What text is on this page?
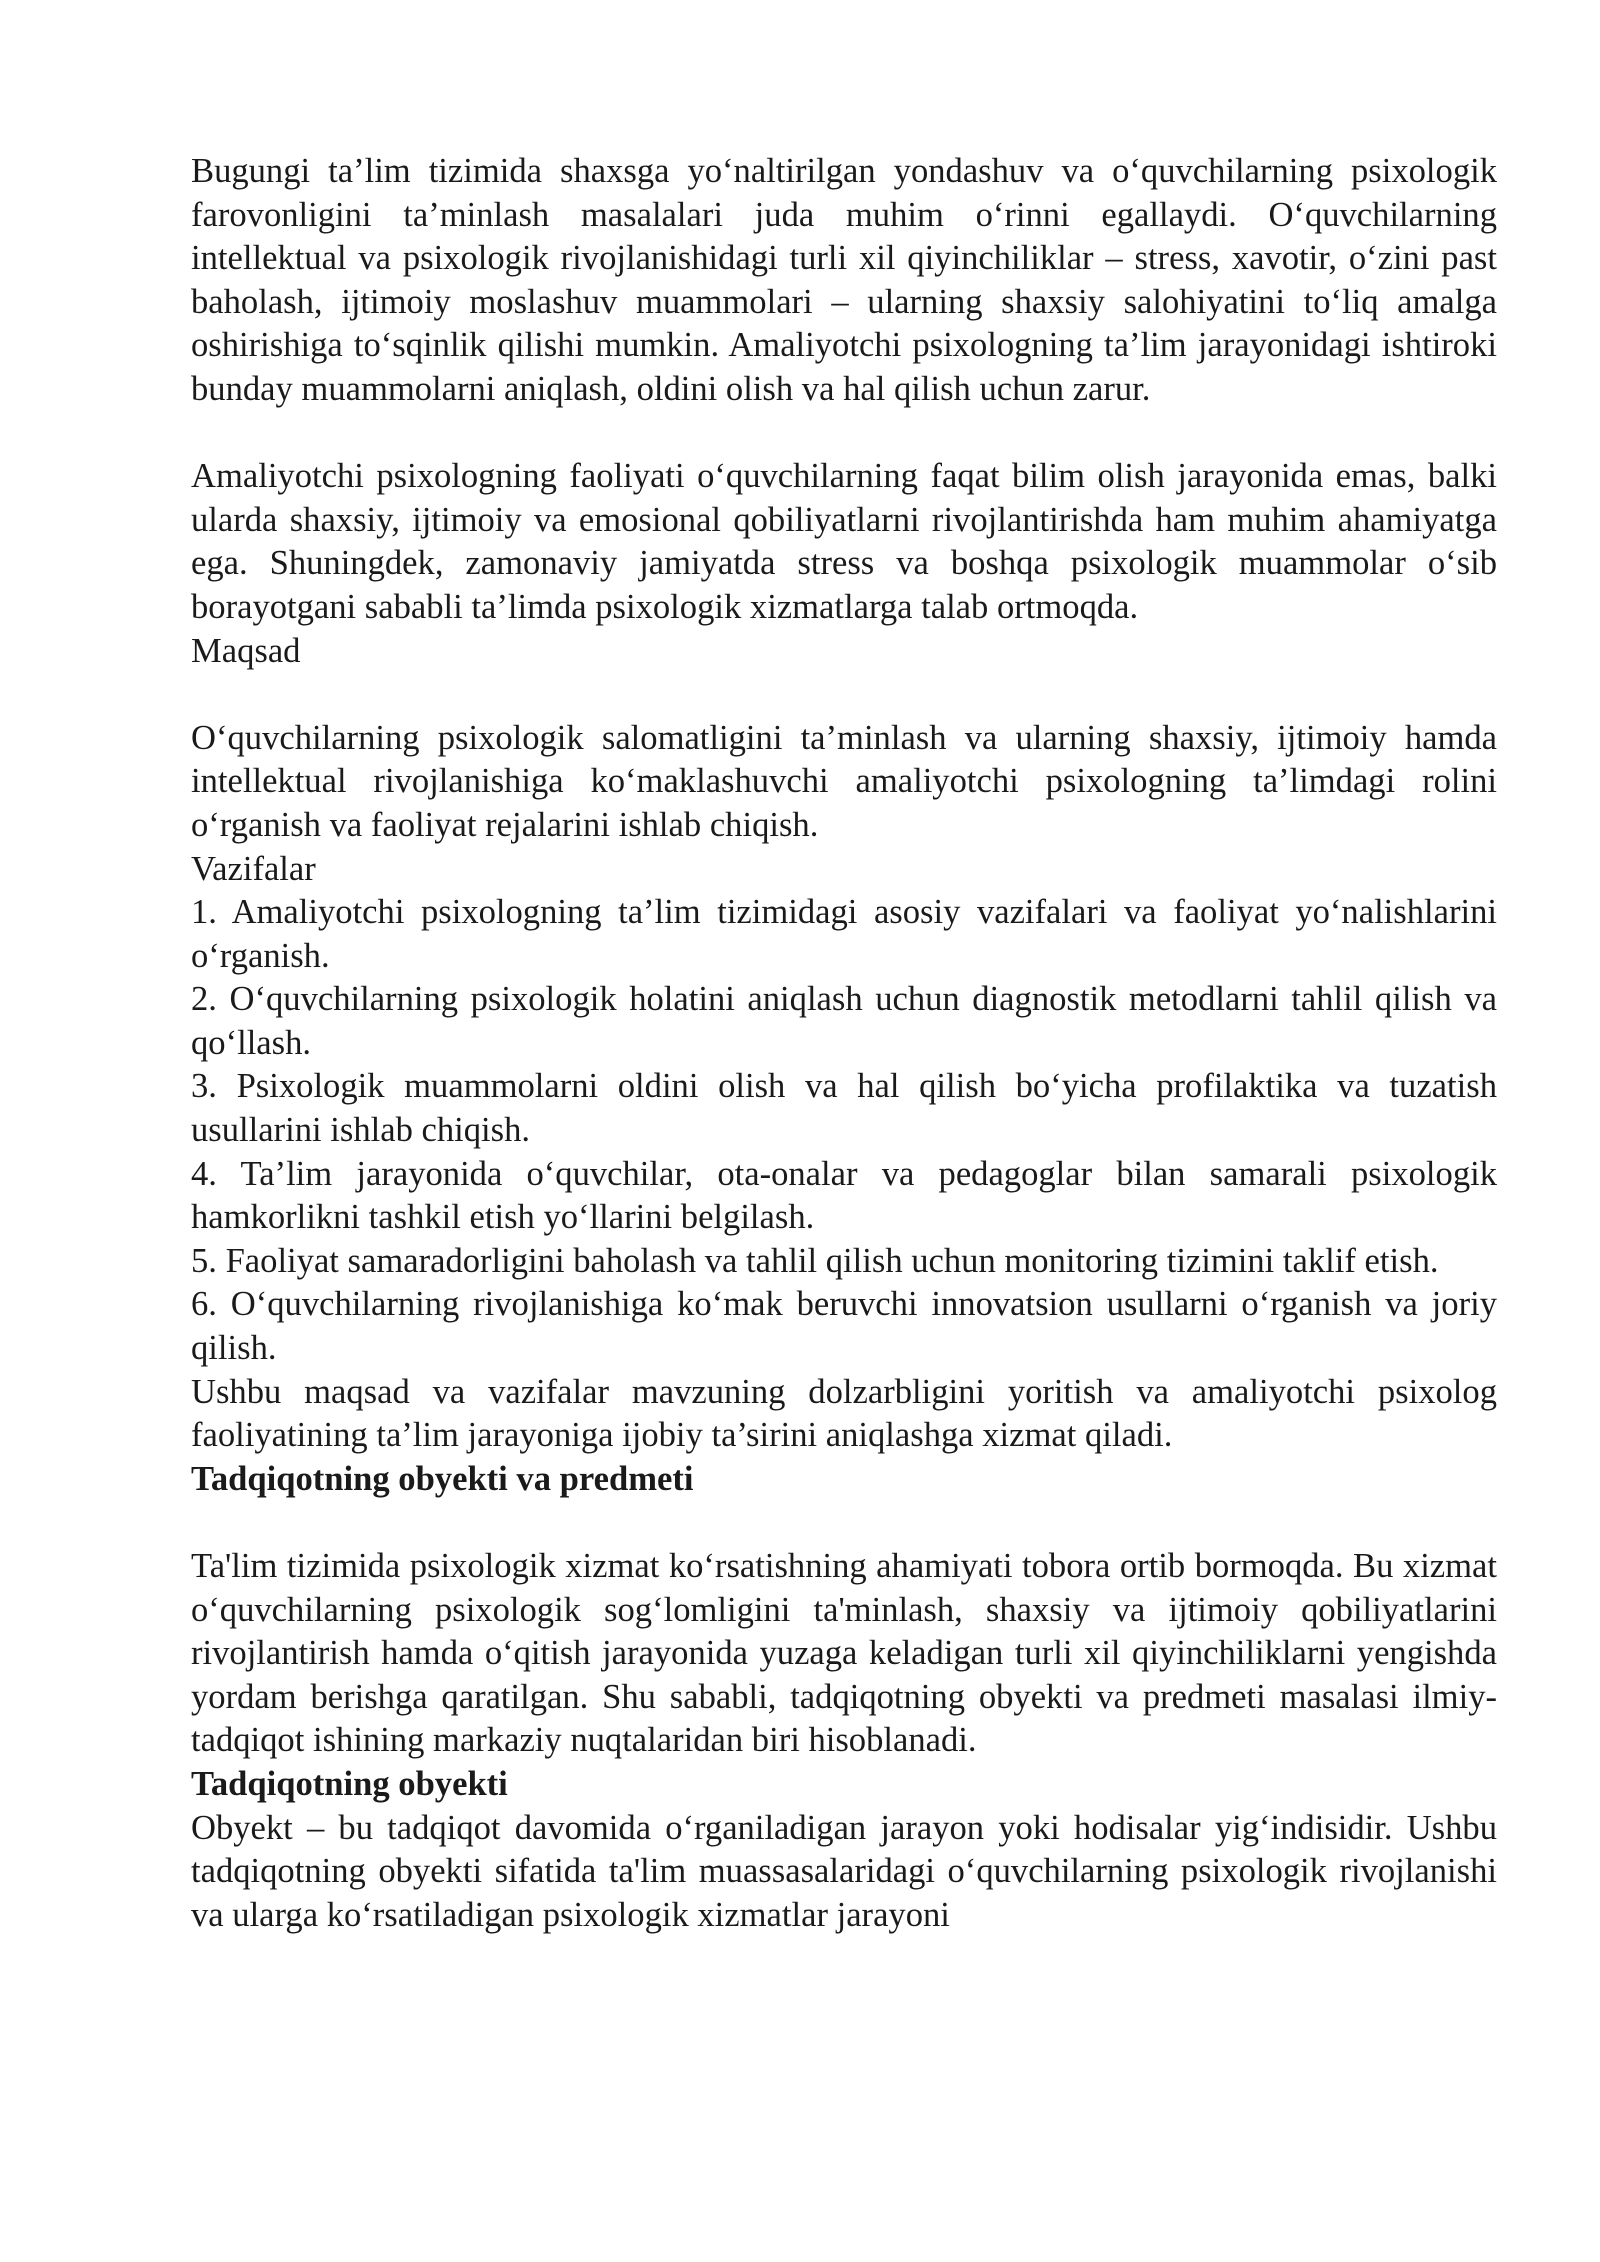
Bugungi ta’lim tizimida shaxsga yo‘naltirilgan yondashuv va o‘quvchilarning psixologik farovonligini ta’minlash masalalari juda muhim o‘rinni egallaydi. O‘quvchilarning intellektual va psixologik rivojlanishidagi turli xil qiyinchiliklar – stress, xavotir, o‘zini past baholash, ijtimoiy moslashuv muammolari – ularning shaxsiy salohiyatini to‘liq amalga oshirishiga to‘sqinlik qilishi mumkin. Amaliyotchi psixologning ta’lim jarayonidagi ishtiroki bunday muammolarni aniqlash, oldini olish va hal qilish uchun zarur.

Amaliyotchi psixologning faoliyati o‘quvchilarning faqat bilim olish jarayonida emas, balki ularda shaxsiy, ijtimoiy va emosional qobiliyatlarni rivojlantirishda ham muhim ahamiyatga ega. Shuningdek, zamonaviy jamiyatda stress va boshqa psixologik muammolar o‘sib borayotgani sababli ta’limda psixologik xizmatlarga talab ortmoqda.

Maqsad

O‘quvchilarning psixologik salomatligini ta’minlash va ularning shaxsiy, ijtimoiy hamda intellektual rivojlanishiga ko‘maklashuvchi amaliyotchi psixologning ta’limdagi rolini o‘rganish va faoliyat rejalarini ishlab chiqish.

Vazifalar

1. Amaliyotchi psixologning ta’lim tizimidagi asosiy vazifalari va faoliyat yo‘nalishlarini o‘rganish.

2. O‘quvchilarning psixologik holatini aniqlash uchun diagnostik metodlarni tahlil qilish va qo‘llash.

3. Psixologik muammolarni oldini olish va hal qilish bo‘yicha profilaktika va tuzatish usullarini ishlab chiqish.

4. Ta’lim jarayonida o‘quvchilar, ota-onalar va pedagoglar bilan samarali psixologik hamkorlikni tashkil etish yo‘llarini belgilash.

5. Faoliyat samaradorligini baholash va tahlil qilish uchun monitoring tizimini taklif etish.

6. O‘quvchilarning rivojlanishiga ko‘mak beruvchi innovatsion usullarni o‘rganish va joriy qilish.

Ushbu maqsad va vazifalar mavzuning dolzarbligini yoritish va amaliyotchi psixolog faoliyatining ta’lim jarayoniga ijobiy ta’sirini aniqlashga xizmat qiladi.

Tadqiqotning obyekti va predmeti

Ta'lim tizimida psixologik xizmat ko‘rsatishning ahamiyati tobora ortib bormoqda. Bu xizmat o‘quvchilarning psixologik sog‘lomligini ta'minlash, shaxsiy va ijtimoiy qobiliyatlarini rivojlantirish hamda o‘qitish jarayonida yuzaga keladigan turli xil qiyinchiliklarni yengishda yordam berishga qaratilgan. Shu sababli, tadqiqotning obyekti va predmeti masalasi ilmiy-tadqiqot ishining markaziy nuqtalaridan biri hisoblanadi.

Tadqiqotning obyekti

Obyekt – bu tadqiqot davomida o‘rganiladigan jarayon yoki hodisalar yig‘indisidir. Ushbu tadqiqotning obyekti sifatida ta'lim muassasalaridagi o‘quvchilarning psixologik rivojlanishi va ularga ko‘rsatiladigan psixologik xizmatlar jarayoni
